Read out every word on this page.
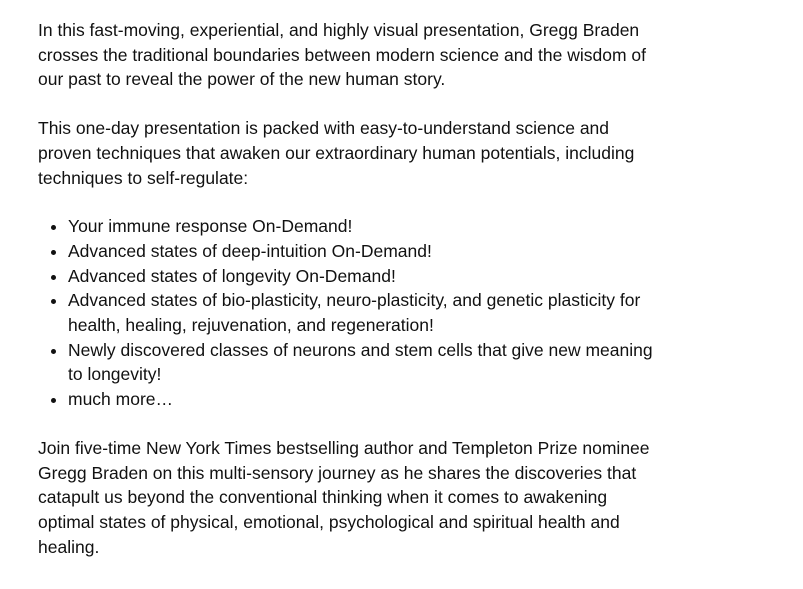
In this fast-moving, experiential, and highly visual presentation, Gregg Braden crosses the traditional boundaries between modern science and the wisdom of our past to reveal the power of the new human story.

This one-day presentation is packed with easy-to-understand science and proven techniques that awaken our extraordinary human potentials, including techniques to self-regulate:

• Your immune response On-Demand!
• Advanced states of deep-intuition On-Demand!
• Advanced states of longevity On-Demand!
• Advanced states of bio-plasticity, neuro-plasticity, and genetic plasticity for health, healing, rejuvenation, and regeneration!
• Newly discovered classes of neurons and stem cells that give new meaning to longevity!
• much more…

Join five-time New York Times bestselling author and Templeton Prize nominee Gregg Braden on this multi-sensory journey as he shares the discoveries that catapult us beyond the conventional thinking when it comes to awakening optimal states of physical, emotional, psychological and spiritual health and healing.
